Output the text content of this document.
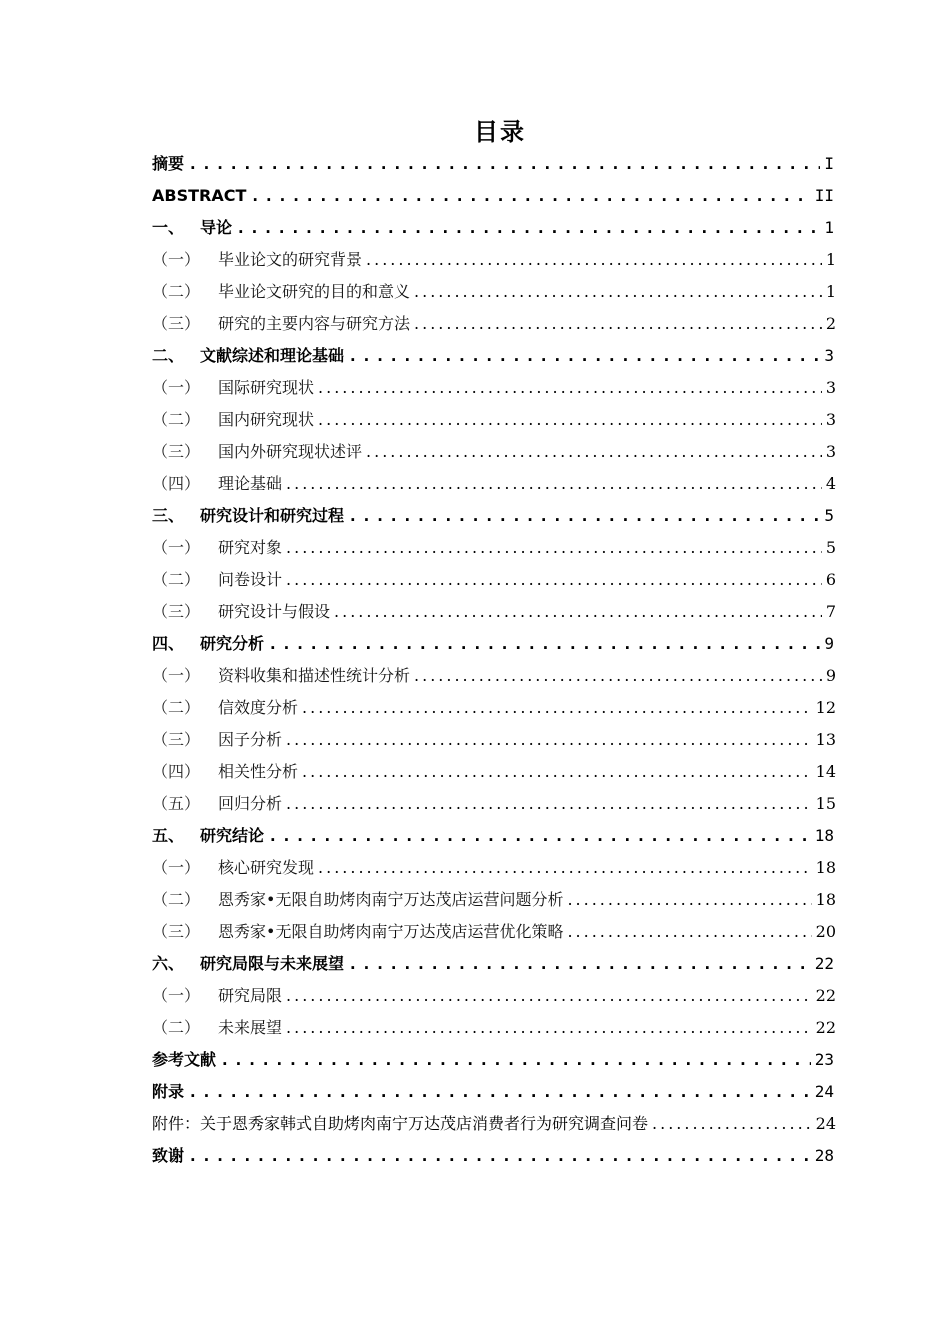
目录
摘要 .....	I
ABSTRACT .....	II
一、 导论 .....	1
（一）	毕业论文的研究背景 .....	1
（二）	毕业论文研究的目的和意义 .....	1
（三）	研究的主要内容与研究方法 .....	2
二、 文献综述和理论基础 .....	3
（一）	国际研究现状 .....	3
（二）	国内研究现状 .....	3
（三）	国内外研究现状述评 .....	3
（四）	理论基础 .....	4
三、 研究设计和研究过程 .....	5
（一）	研究对象 .....	5
（二）	问卷设计 .....	6
（三）	研究设计与假设 .....	7
四、 研究分析 .....	9
（一）	资料收集和描述性统计分析 .....	9
（二）	信效度分析 .....	12
（三）	因子分析 .....	13
（四）	相关性分析 .....	14
（五）	回归分析 .....	15
五、 研究结论 .....	18
（一）	核心研究发现 .....	18
（二）	恩秀家•无限自助烤肉南宁万达茂店运营问题分析 .....	18
（三）	恩秀家•无限自助烤肉南宁万达茂店运营优化策略 .....	20
六、 研究局限与未来展望 .....	22
（一）	研究局限 .....	22
（二）	未来展望 .....	22
参考文献 .....	23
附录 .....	24
附件：关于恩秀家韩式自助烤肉南宁万达茂店消费者行为研究调查问卷 .....	24
致谢 .....	28
